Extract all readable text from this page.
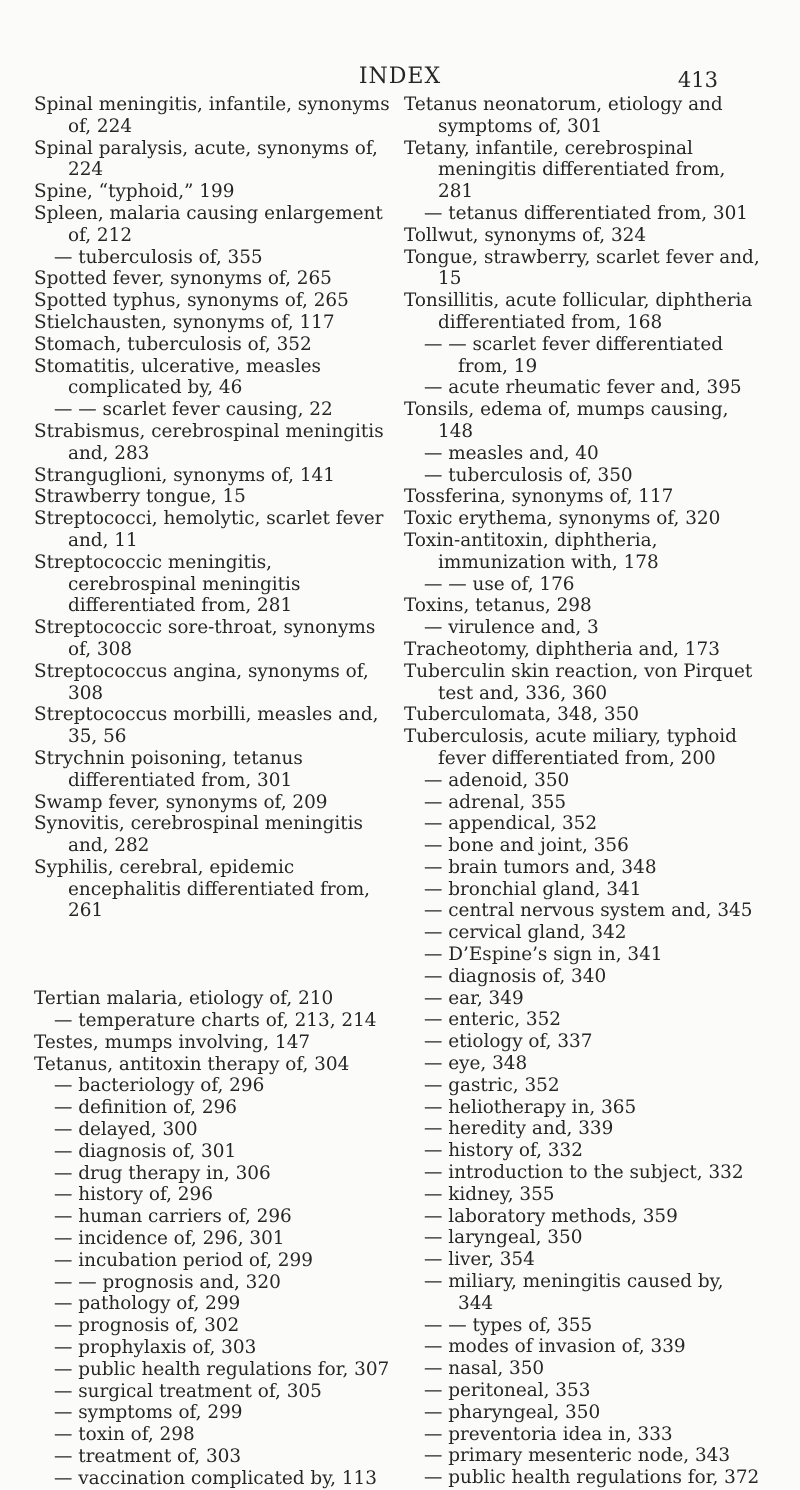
INDEX	413
Spinal meningitis, infantile, synonyms of, 224
Spinal paralysis, acute, synonyms of, 224
Spine, “typhoid,” 199
Spleen, malaria causing enlargement of, 212
— tuberculosis of, 355
Spotted fever, synonyms of, 265
Spotted typhus, synonyms of, 265
Stielchausten, synonyms of, 117
Stomach, tuberculosis of, 352
Stomatitis, ulcerative, measles complicated by, 46
— — scarlet fever causing, 22
Strabismus, cerebrospinal meningitis and, 283
Stranguglioni, synonyms of, 141
Strawberry tongue, 15
Streptococci, hemolytic, scarlet fever and, 11
Streptococcic meningitis, cerebrospinal meningitis differentiated from, 281
Streptococcic sore-throat, synonyms of, 308
Streptococcus angina, synonyms of, 308
Streptococcus morbilli, measles and, 35, 56
Strychnin poisoning, tetanus differentiated from, 301
Swamp fever, synonyms of, 209
Synovitis, cerebrospinal meningitis and, 282
Syphilis, cerebral, epidemic encephalitis differentiated from, 261
Tertian malaria, etiology of, 210
— temperature charts of, 213, 214
Testes, mumps involving, 147
Tetanus, antitoxin therapy of, 304
— bacteriology of, 296
— definition of, 296
— delayed, 300
— diagnosis of, 301
— drug therapy in, 306
— history of, 296
— human carriers of, 296
— incidence of, 296, 301
— incubation period of, 299
— — prognosis and, 320
— pathology of, 299
— prognosis of, 302
— prophylaxis of, 303
— public health regulations for, 307
— surgical treatment of, 305
— symptoms of, 299
— toxin of, 298
— treatment of, 303
— vaccination complicated by, 113
Tetanus neonatorum, etiology and symptoms of, 301
Tetany, infantile, cerebrospinal meningitis differentiated from, 281
— tetanus differentiated from, 301
Tollwut, synonyms of, 324
Tongue, strawberry, scarlet fever and, 15
Tonsillitis, acute follicular, diphtheria differentiated from, 168
— — scarlet fever differentiated from, 19
— acute rheumatic fever and, 395
Tonsils, edema of, mumps causing, 148
— measles and, 40
— tuberculosis of, 350
Tossferina, synonyms of, 117
Toxic erythema, synonyms of, 320
Toxin-antitoxin, diphtheria, immunization with, 178
— — use of, 176
Toxins, tetanus, 298
— virulence and, 3
Tracheotomy, diphtheria and, 173
Tuberculin skin reaction, von Pirquet test and, 336, 360
Tuberculomata, 348, 350
Tuberculosis, acute miliary, typhoid fever differentiated from, 200
— adenoid, 350
— adrenal, 355
— appendical, 352
— bone and joint, 356
— brain tumors and, 348
— bronchial gland, 341
— central nervous system and, 345
— cervical gland, 342
— D’Espine’s sign in, 341
— diagnosis of, 340
— ear, 349
— enteric, 352
— etiology of, 337
— eye, 348
— gastric, 352
— heliotherapy in, 365
— heredity and, 339
— history of, 332
— introduction to the subject, 332
— kidney, 355
— laboratory methods, 359
— laryngeal, 350
— liver, 354
— miliary, meningitis caused by, 344
— — types of, 355
— modes of invasion of, 339
— nasal, 350
— peritoneal, 353
— pharyngeal, 350
— preventoria idea in, 333
— primary mesenteric node, 343
— public health regulations for, 372
